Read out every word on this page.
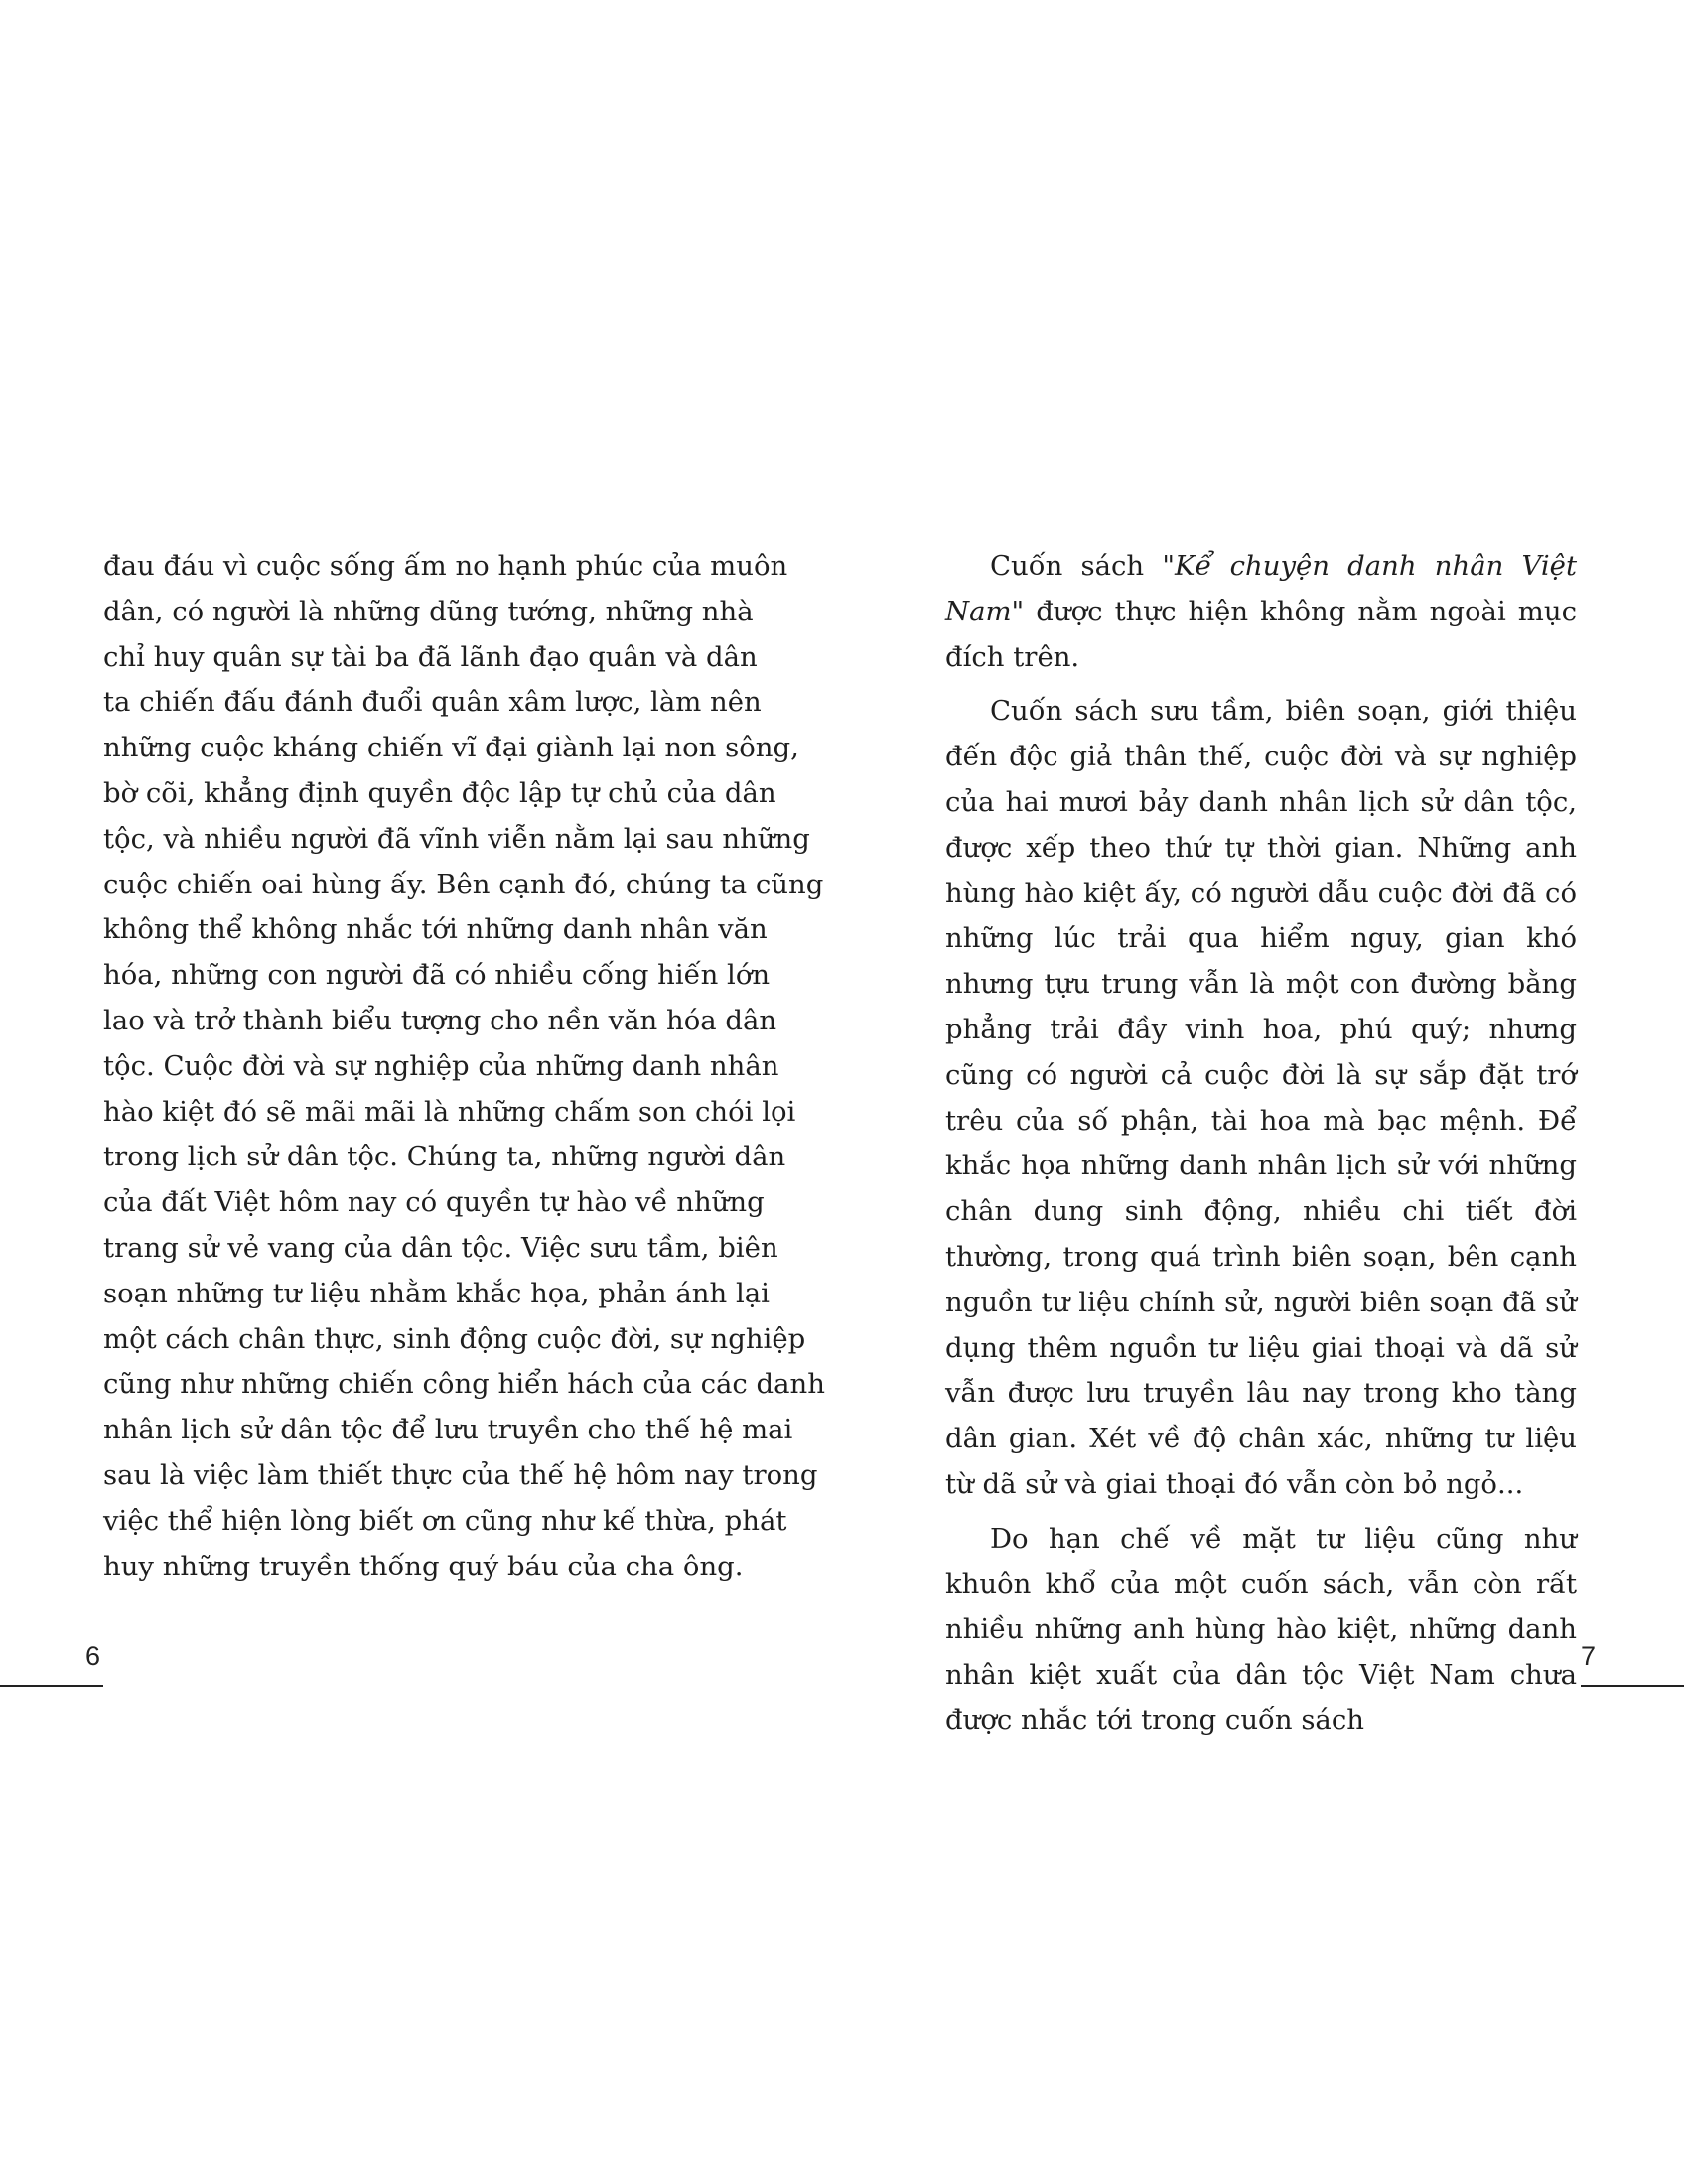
đau đáu vì cuộc sống ấm no hạnh phúc của muôn
dân, có người là những dũng tướng, những nhà
chỉ huy quân sự tài ba đã lãnh đạo quân và dân
ta chiến đấu đánh đuổi quân xâm lược, làm nên
những cuộc kháng chiến vĩ đại giành lại non sông,
bờ cõi, khẳng định quyền độc lập tự chủ của dân
tộc, và nhiều người đã vĩnh viễn nằm lại sau những
cuộc chiến oai hùng ấy. Bên cạnh đó, chúng ta cũng
không thể không nhắc tới những danh nhân văn
hóa, những con người đã có nhiều cống hiến lớn
lao và trở thành biểu tượng cho nền văn hóa dân
tộc. Cuộc đời và sự nghiệp của những danh nhân
hào kiệt đó sẽ mãi mãi là những chấm son chói lọi
trong lịch sử dân tộc. Chúng ta, những người dân
của đất Việt hôm nay có quyền tự hào về những
trang sử vẻ vang của dân tộc. Việc sưu tầm, biên
soạn những tư liệu nhằm khắc họa, phản ánh lại
một cách chân thực, sinh động cuộc đời, sự nghiệp
cũng như những chiến công hiển hách của các danh
nhân lịch sử dân tộc để lưu truyền cho thế hệ mai
sau là việc làm thiết thực của thế hệ hôm nay trong
việc thể hiện lòng biết ơn cũng như kế thừa, phát
huy những truyền thống quý báu của cha ông.
6

Cuốn sách "Kể chuyện danh nhân Việt Nam" được thực hiện không nằm ngoài mục đích trên.

Cuốn sách sưu tầm, biên soạn, giới thiệu đến độc giả thân thế, cuộc đời và sự nghiệp của hai mươi bảy danh nhân lịch sử dân tộc, được xếp theo thứ tự thời gian. Những anh hùng hào kiệt ấy, có người dẫu cuộc đời đã có những lúc trải qua hiểm nguy, gian khó nhưng tựu trung vẫn là một con đường bằng phẳng trải đầy vinh hoa, phú quý; nhưng cũng có người cả cuộc đời là sự sắp đặt trớ trêu của số phận, tài hoa mà bạc mệnh. Để khắc họa những danh nhân lịch sử với những chân dung sinh động, nhiều chi tiết đời thường, trong quá trình biên soạn, bên cạnh nguồn tư liệu chính sử, người biên soạn đã sử dụng thêm nguồn tư liệu giai thoại và dã sử vẫn được lưu truyền lâu nay trong kho tàng dân gian. Xét về độ chân xác, những tư liệu từ dã sử và giai thoại đó vẫn còn bỏ ngỏ...

Do hạn chế về mặt tư liệu cũng như khuôn khổ của một cuốn sách, vẫn còn rất nhiều những anh hùng hào kiệt, những danh nhân kiệt xuất của dân tộc Việt Nam chưa được nhắc tới trong cuốn sách

7
